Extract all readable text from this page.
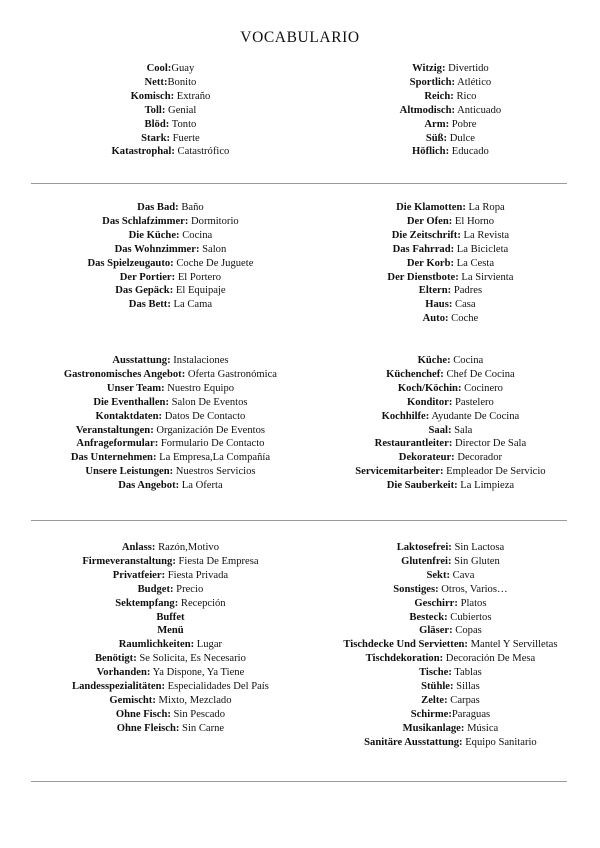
VOCABULARIO
Cool:Guay
Nett:Bonito
Komisch: Extraño
Toll: Genial
Blöd: Tonto
Stark: Fuerte
Katastrophal: Catastrófico
Witzig: Divertido
Sportlich: Atlético
Reich: Rico
Altmodisch: Anticuado
Arm: Pobre
Süß: Dulce
Höflich: Educado
Das Bad: Baño
Das Schlafzimmer: Dormitorio
Die Küche: Cocina
Das Wohnzimmer: Salon
Das Spielzeugauto: Coche De Juguete
Der Portier: El Portero
Das Gepäck: El Equipaje
Das Bett: La Cama
Die Klamotten: La Ropa
Der Ofen: El Horno
Die Zeitschrift: La Revista
Das Fahrrad: La Bicicleta
Der Korb: La Cesta
Der Dienstbote: La Sirvienta
Eltern: Padres
Haus: Casa
Auto: Coche
Ausstattung: Instalaciones
Gastronomisches Angebot: Oferta Gastronómica
Unser Team: Nuestro Equipo
Die Eventhallen: Salon De Eventos
Kontaktdaten: Datos De Contacto
Veranstaltungen: Organización De Eventos
Anfrageformular: Formulario De Contacto
Das Unternehmen: La Empresa,La Compañía
Unsere Leistungen: Nuestros Servicios
Das Angebot: La Oferta
Küche: Cocina
Küchenchef: Chef De Cocina
Koch/Köchin: Cocinero
Konditor: Pastelero
Kochhilfe: Ayudante De Cocina
Saal: Sala
Restaurantleiter: Director De Sala
Dekorateur: Decorador
Servicemitarbeiter: Empleador De Servicio
Die Sauberkeit: La Limpieza
Anlass: Razón,Motivo
Firmeveranstaltung: Fiesta De Empresa
Privatfeier: Fiesta Privada
Budget: Precio
Sektempfang: Recepción
Buffet
Menü
Raumlichkeiten: Lugar
Benötigt: Se Solicita, Es Necesario
Vorhanden: Ya Dispone, Ya Tiene
Landesspezialitäten: Especialidades Del País
Gemischt: Mixto, Mezclado
Ohne Fisch: Sin Pescado
Ohne Fleisch: Sin Carne
Laktosefrei: Sin Lactosa
Glutenfrei: Sin Gluten
Sekt: Cava
Sonstiges: Otros, Varios…
Geschirr: Platos
Besteck: Cubiertos
Gläser: Copas
Tischdecke Und Servietten: Mantel Y Servilletas
Tischdekoration: Decoración De Mesa
Tische: Tablas
Stühle: Sillas
Zelte: Carpas
Schirme:Paraguas
Musikanlage: Música
Sanitäre Ausstattung: Equipo Sanitario
